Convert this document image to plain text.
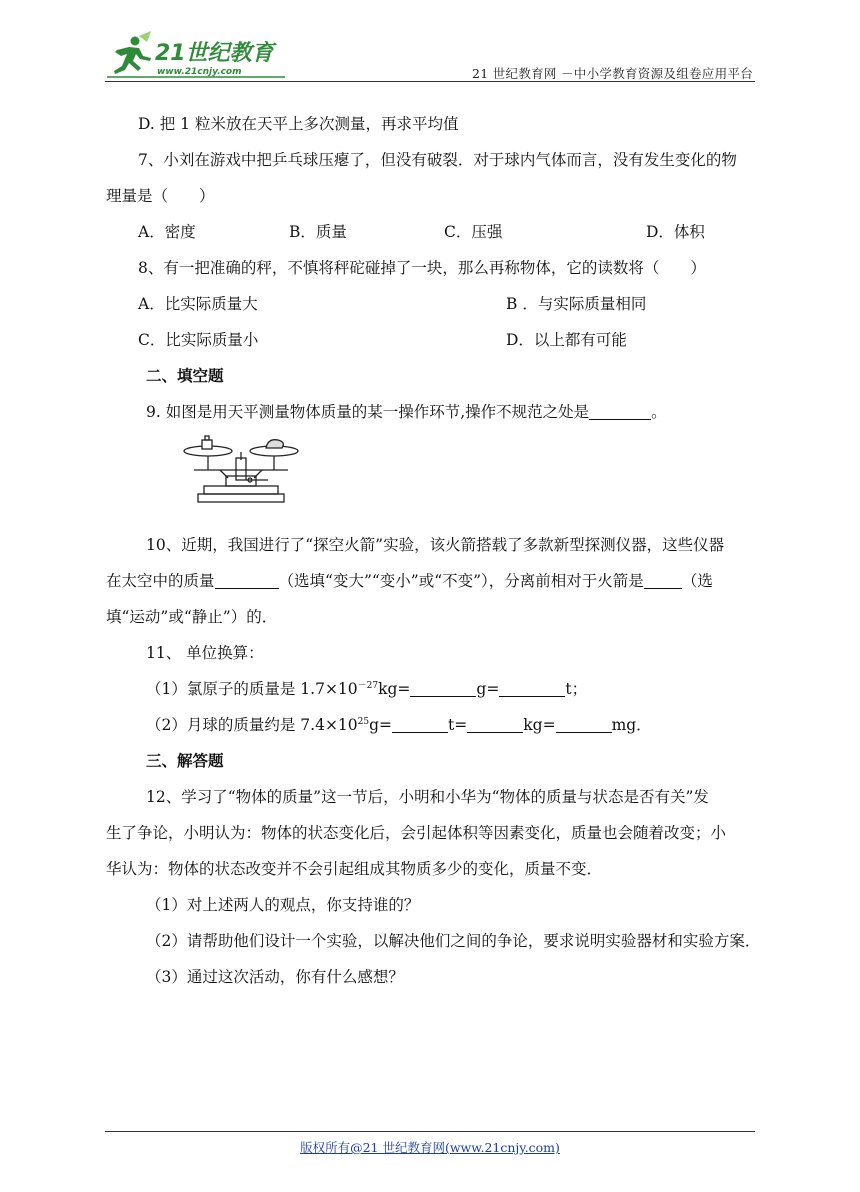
21世纪教育
www.21cnjy.com	21 世纪教育网 －中小学教育资源及组卷应用平台
D. 把 1 粒米放在天平上多次测量，再求平均值
7、小刘在游戏中把乒乓球压瘪了，但没有破裂．对于球内气体而言，没有发生变化的物
理量是（　　）
A．密度	B．质量	C．压强	D．体积
8、有一把准确的秤，不慎将秤砣碰掉了一块，那么再称物体，它的读数将（　　）
A．比实际质量大	B ．与实际质量相同
C．比实际质量小	D．以上都有可能
二、填空题
9. 如图是用天平测量物体质量的某一操作环节,操作不规范之处是	。
10、近期，我国进行了“探空火箭”实验，该火箭搭载了多款新型探测仪器，这些仪器
在太空中的质量	（选填“变大”“变小”或“不变”），分离前相对于火箭是 （选
填“运动”或“静止”）的．
11、 单位换算：
（1）氯原子的质量是 $1.7\times 10^{-27}kg=$	g=	t；
（2）月球的质量约是 $7.4\times 10^{25}g=$	t=	kg=	mg．
三、解答题
12、学习了“物体的质量”这一节后，小明和小华为“物体的质量与状态是否有关”发
生了争论，小明认为：物体的状态变化后，会引起体积等因素变化，质量也会随着改变；小
华认为：物体的状态改变并不会引起组成其物质多少的变化，质量不变．
（1）对上述两人的观点，你支持谁的？
（2）请帮助他们设计一个实验，以解决他们之间的争论，要求说明实验器材和实验方案．
（3）通过这次活动，你有什么感想？
版权所有@21 世纪教育网(www.21cnjy.com)
